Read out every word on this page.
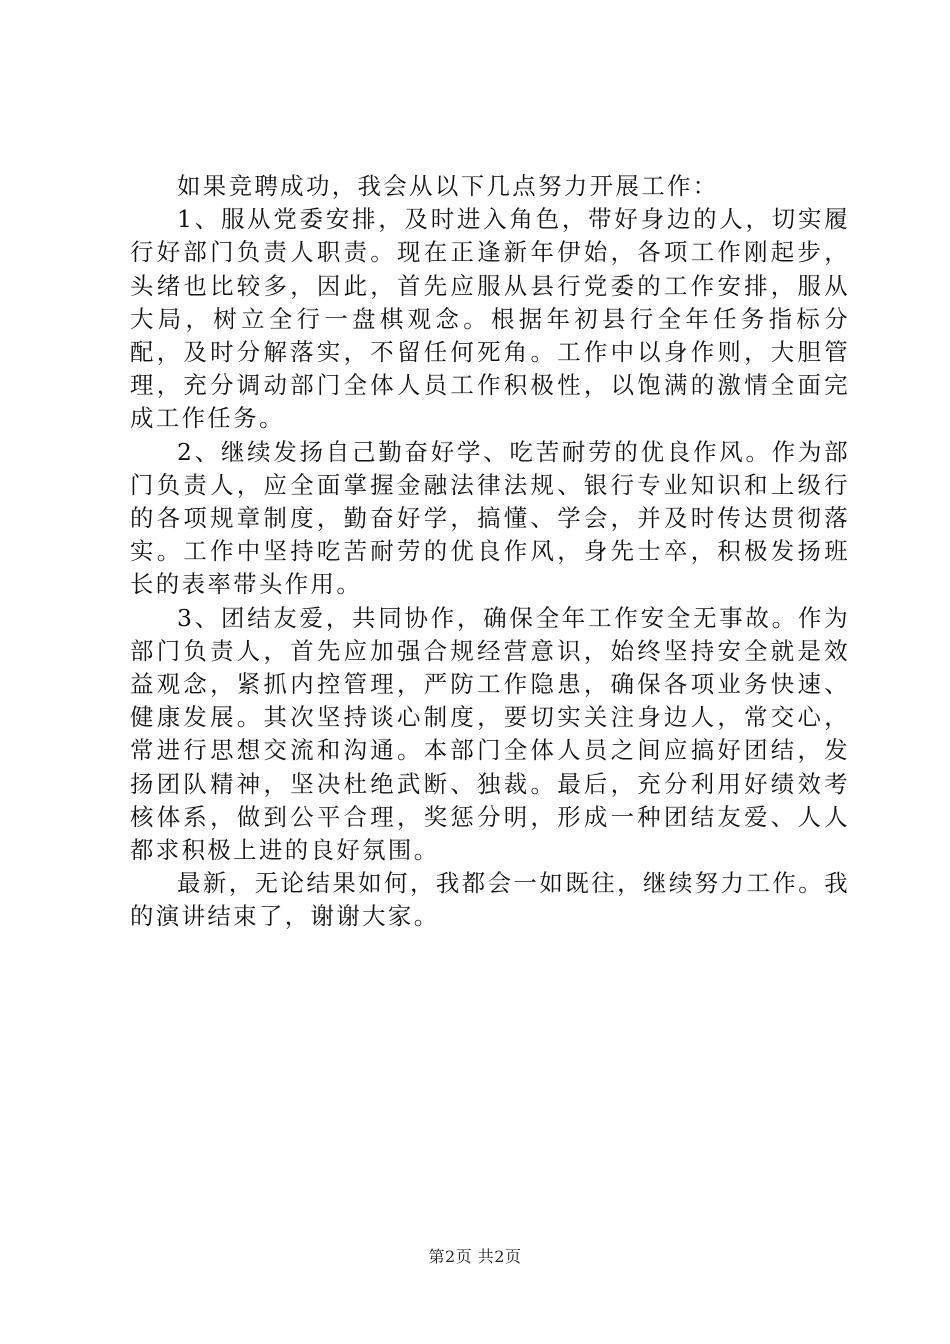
如果竞聘成功，我会从以下几点努力开展工作：

1、服从党委安排，及时进入角色，带好身边的人，切实履行好部门负责人职责。现在正逢新年伊始，各项工作刚起步，头绪也比较多，因此，首先应服从县行党委的工作安排，服从大局，树立全行一盘棋观念。根据年初县行全年任务指标分配，及时分解落实，不留任何死角。工作中以身作则，大胆管理，充分调动部门全体人员工作积极性，以饱满的激情全面完成工作任务。

2、继续发扬自己勤奋好学、吃苦耐劳的优良作风。作为部门负责人，应全面掌握金融法律法规、银行专业知识和上级行的各项规章制度，勤奋好学，搞懂、学会，并及时传达贯彻落实。工作中坚持吃苦耐劳的优良作风，身先士卒，积极发扬班长的表率带头作用。

3、团结友爱，共同协作，确保全年工作安全无事故。作为部门负责人，首先应加强合规经营意识，始终坚持安全就是效益观念，紧抓内控管理，严防工作隐患，确保各项业务快速、健康发展。其次坚持谈心制度，要切实关注身边人，常交心，常进行思想交流和沟通。本部门全体人员之间应搞好团结，发扬团队精神，坚决杜绝武断、独裁。最后，充分利用好绩效考核体系，做到公平合理，奖惩分明，形成一种团结友爱、人人都求积极上进的良好氛围。

最新，无论结果如何，我都会一如既往，继续努力工作。我的演讲结束了，谢谢大家。

第2页 共2页
